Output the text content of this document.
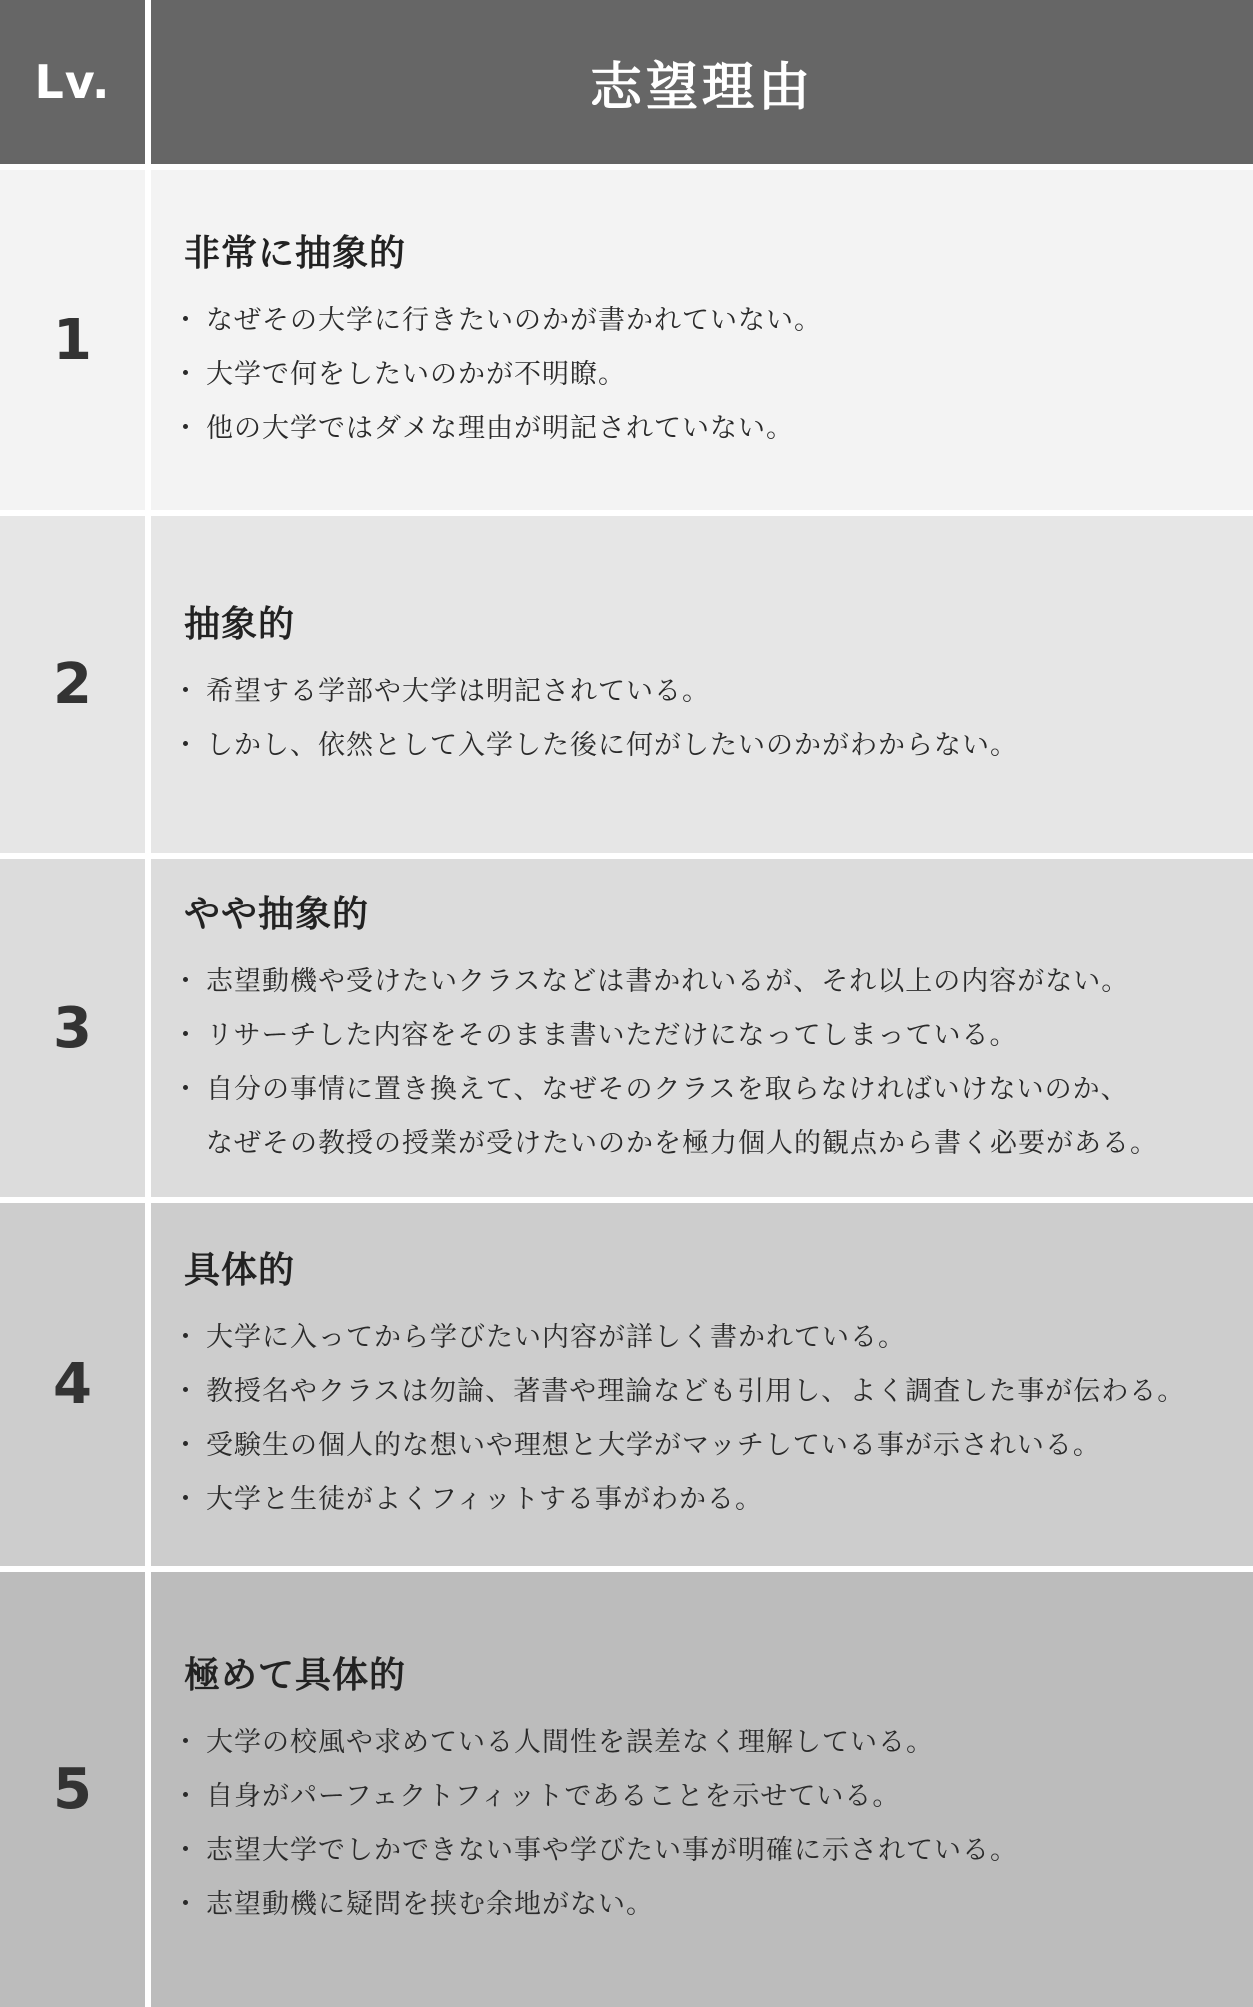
Lv.	志望理由
1
非常に抽象的
・ なぜその大学に行きたいのかが書かれていない。
・ 大学で何をしたいのかが不明瞭。
・ 他の大学ではダメな理由が明記されていない。
2
抽象的
・ 希望する学部や大学は明記されている。
・ しかし、依然として入学した後に何がしたいのかがわからない。
3
やや抽象的
・ 志望動機や受けたいクラスなどは書かれいるが、それ以上の内容がない。
・ リサーチした内容をそのまま書いただけになってしまっている。
・ 自分の事情に置き換えて、なぜそのクラスを取らなければいけないのか、
なぜその教授の授業が受けたいのかを極力個人的観点から書く必要がある。
4
具体的
・ 大学に入ってから学びたい内容が詳しく書かれている。
・ 教授名やクラスは勿論、著書や理論なども引用し、よく調査した事が伝わる。
・ 受験生の個人的な想いや理想と大学がマッチしている事が示されいる。
・ 大学と生徒がよくフィットする事がわかる。
5
極めて具体的
・ 大学の校風や求めている人間性を誤差なく理解している。
・ 自身がパーフェクトフィットであることを示せている。
・ 志望大学でしかできない事や学びたい事が明確に示されている。
・ 志望動機に疑問を挟む余地がない。
